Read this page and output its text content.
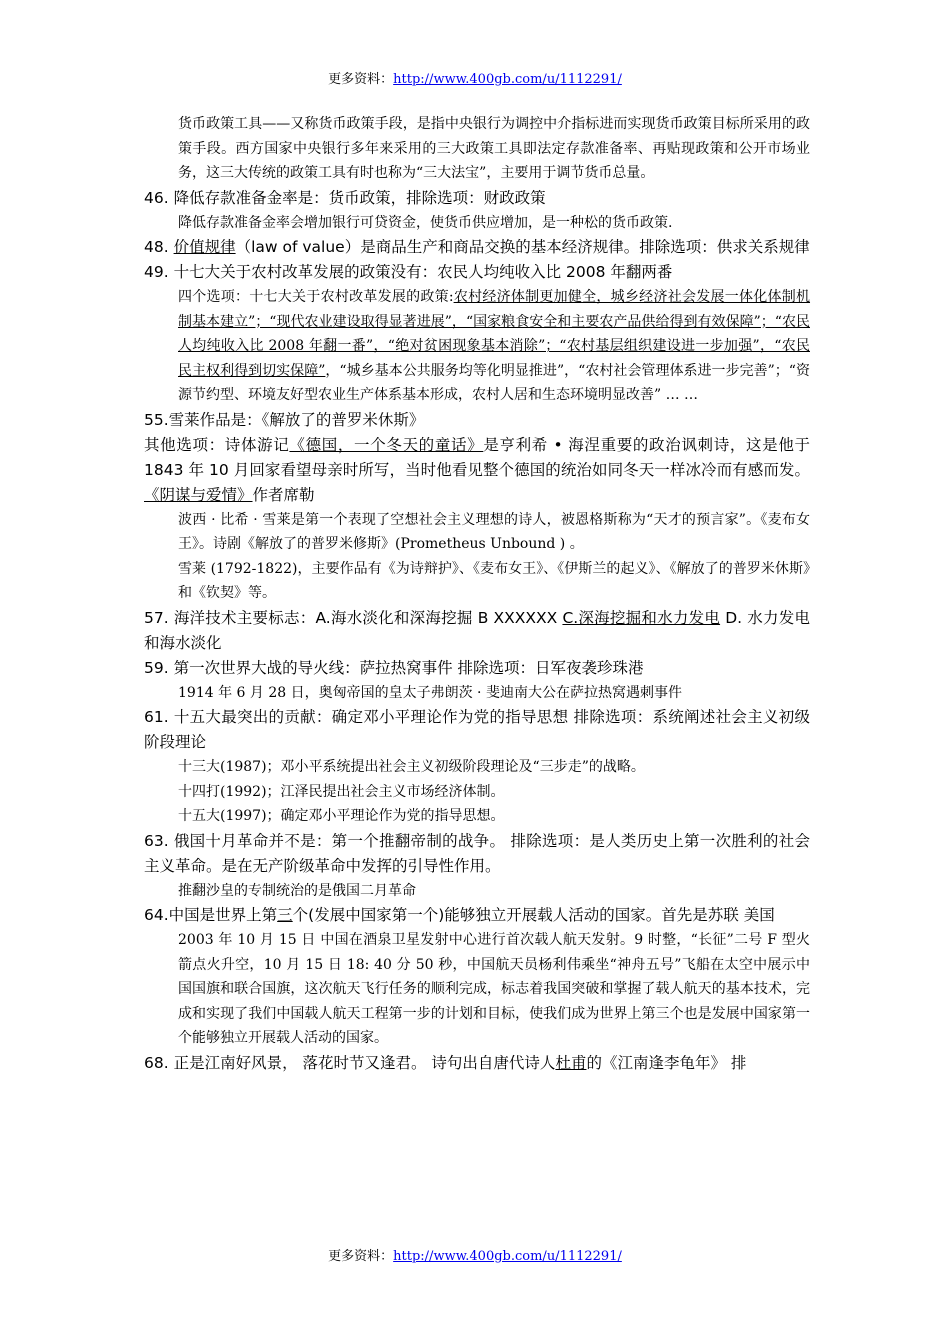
更多资料：http://www.400gb.com/u/1112291/

货币政策工具——又称货币政策手段，是指中央银行为调控中介指标进而实现货币政策目标所采用的政策手段。西方国家中央银行多年来采用的三大政策工具即法定存款准备率、再贴现政策和公开市场业务，这三大传统的政策工具有时也称为“三大法宝”，主要用于调节货币总量。

46. 降低存款准备金率是：货币政策，排除选项：财政政策

降低存款准备金率会增加银行可贷资金，使货币供应增加，是一种松的货币政策.

48. 价值规律（law of value）是商品生产和商品交换的基本经济规律。排除选项：供求关系规律

49. 十七大关于农村改革发展的政策没有：农民人均纯收入比 2008 年翻两番

四个选项：十七大关于农村改革发展的政策:农村经济体制更加健全，城乡经济社会发展一体化体制机制基本建立”；“现代农业建设取得显著进展”，“国家粮食安全和主要农产品供给得到有效保障”；“农民人均纯收入比 2008 年翻一番”，“绝对贫困现象基本消除”；“农村基层组织建设进一步加强”，“农民民主权利得到切实保障”，“城乡基本公共服务均等化明显推进”，“农村社会管理体系进一步完善”；“资源节约型、环境友好型农业生产体系基本形成，农村人居和生态环境明显改善” … …

55.雪莱作品是：《解放了的普罗米休斯》

其他选项：诗体游记《德国，一个冬天的童话》是亨利希 • 海涅重要的政治讽刺诗，这是他于 1843 年 10 月回家看望母亲时所写，当时他看见整个德国的统治如同冬天一样冰冷而有感而发。《阴谋与爱情》作者席勒

波西 · 比希 · 雪莱是第一个表现了空想社会主义理想的诗人，被恩格斯称为“天才的预言家”。《麦布女王》。诗剧《解放了的普罗米修斯》(Prometheus Unbound ) 。

雪莱 (1792-1822)，主要作品有《为诗辩护》、《麦布女王》、《伊斯兰的起义》、《解放了的普罗米休斯》和《钦契》等。

57. 海洋技术主要标志：A.海水淡化和深海挖掘 B XXXXXX C.深海挖掘和水力发电 D. 水力发电和海水淡化

59. 第一次世界大战的导火线：萨拉热窝事件 排除选项：日军夜袭珍珠港

1914 年 6 月 28 日，奥匈帝国的皇太子弗朗茨 · 斐迪南大公在萨拉热窝遇刺事件

61. 十五大最突出的贡献：确定邓小平理论作为党的指导思想 排除选项：系统阐述社会主义初级阶段理论

十三大(1987)；邓小平系统提出社会主义初级阶段理论及“三步走”的战略。

十四打(1992)；江泽民提出社会主义市场经济体制。

十五大(1997)；确定邓小平理论作为党的指导思想。

63. 俄国十月革命并不是：第一个推翻帝制的战争。 排除选项：是人类历史上第一次胜利的社会主义革命。是在无产阶级革命中发挥的引导性作用。

推翻沙皇的专制统治的是俄国二月革命

64.中国是世界上第三个(发展中国家第一个)能够独立开展载人活动的国家。首先是苏联 美国

2003 年 10 月 15 日 中国在酒泉卫星发射中心进行首次载人航天发射。9 时整，“长征”二号 F 型火箭点火升空，10 月 15 日 18: 40 分 50 秒，中国航天员杨利伟乘坐“神舟五号”飞船在太空中展示中国国旗和联合国旗，这次航天飞行任务的顺利完成，标志着我国突破和掌握了载人航天的基本技术，完成和实现了我们中国载人航天工程第一步的计划和目标，使我们成为世界上第三个也是发展中国家第一个能够独立开展载人活动的国家。

68. 正是江南好风景， 落花时节又逢君。 诗句出自唐代诗人杜甫的《江南逢李龟年》 排

更多资料：http://www.400gb.com/u/1112291/
